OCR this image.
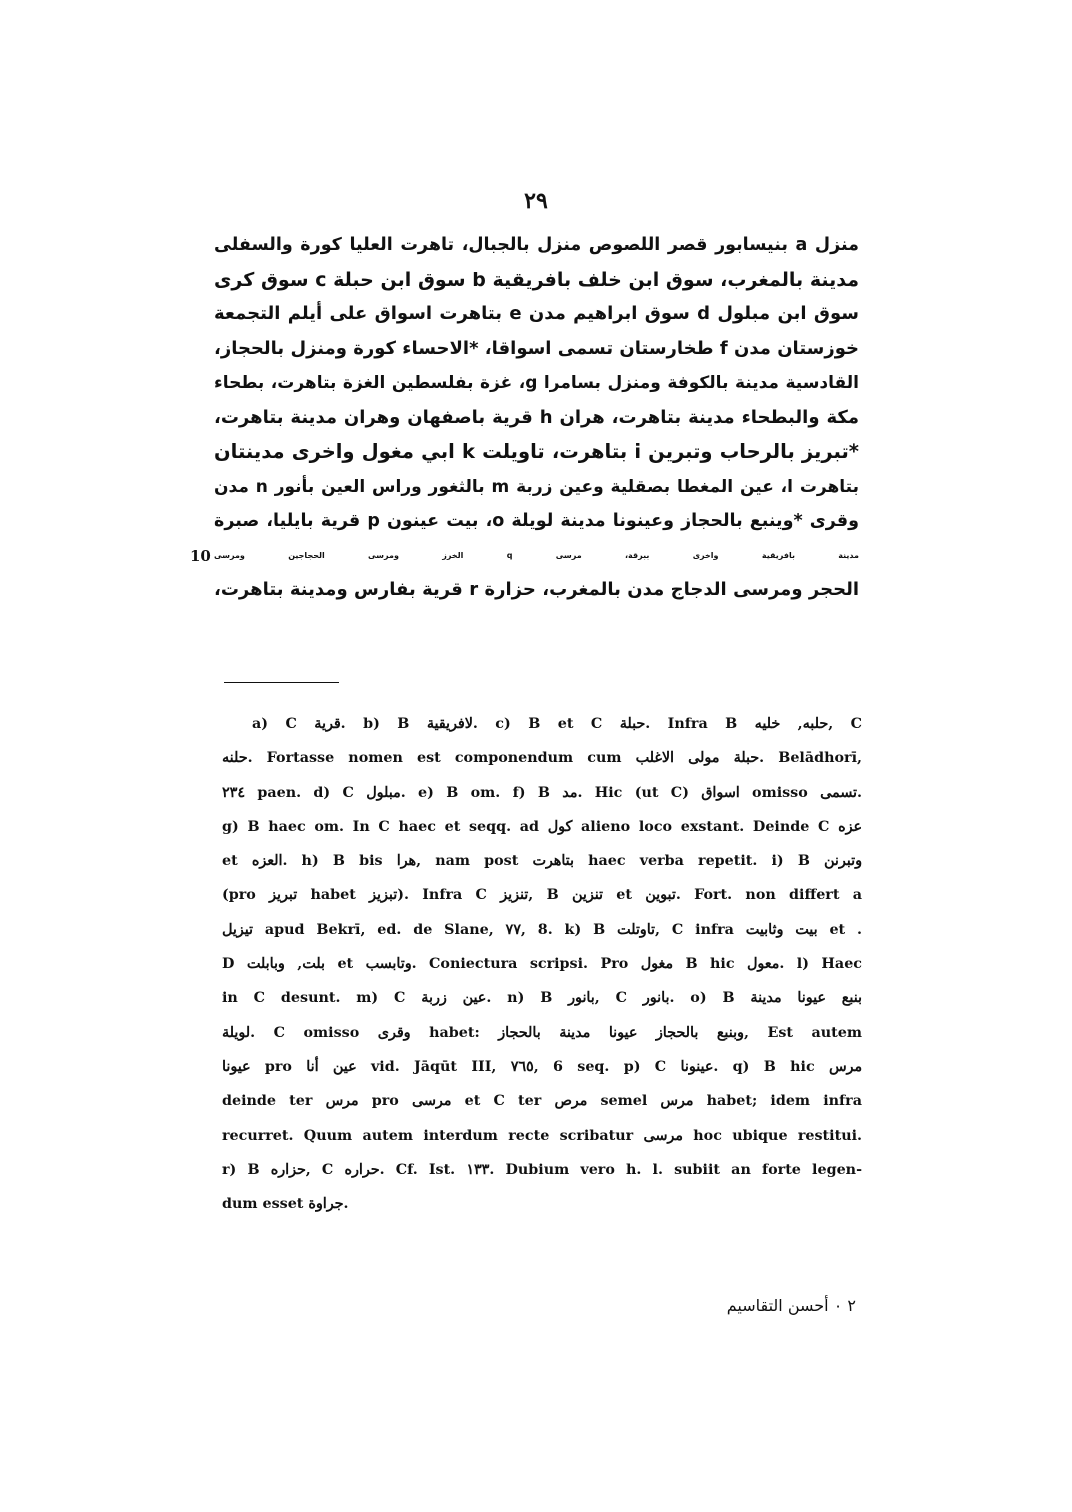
٢٩
منزل a بنيسابور قصر اللصوص منزل بالجبال، تاهرت العليا كورة والسفلى
مدينة بالمغرب، سوق ابن خلف بافريقية b سوق ابن حبلة c سوق كرى
سوق ابن مبلول d سوق ابراهيم مدن e بتاهرت اسواق على أيلم التجمعة
خوزستان مدن f طخارستان تسمى اسواقا، *الاحساء كورة ومنزل بالحجاز،
القادسية مدينة بالكوفة ومنزل بسامرا g، غزة بفلسطين الغزة بتاهرت، بطحاء
مكة والبطحاء مدينة بتاهرت، هران h قرية باصفهان وهران مدينة بتاهرت،
*تبريز بالرحاب وتبرين i بتاهرت، تاويلت k ابي مغول واخرى مدينتان
بتاهرت l، عين المغطا بصقلية وعين زربة m بالثغور وراس العين بأنور n مدن
وقرى *وينبع بالحجاز وعينونا مدينة لويلة o، بيت عينون p قرية بايليا، صبرة
10 مدينة بافريقية واخرى ببرقة، مرسى q الخرز ومرسى الحجاجين ومرسى
الحجر ومرسى الدجاج مدن بالمغرب، حزارة r قرية بفارس ومدينة بتاهرت،
a) C قرية. b) B لافريقية. c) B et C حبلة. Infra B حلبه, خليه, C
حلنه. Fortasse nomen est componendum cum حبلة مولى الاغلب. Belādhorī,
٢٣٤ paen. d) C مبلول. e) B om. f) B مد. Hic (ut C) اسواق omisso تسمى.
g) B haec om. In C haec et seqq. ad كول alieno loco exstant. Deinde C عزه
et العزه. h) B bis هرا, nam post بتاهرت haec verba repetit. i) B وتبرنن
(pro تبريز habet تبزيز). Infra C تنزيز, B تنزين et تبوين. Fort. non differt a
تيزيل apud Bekrī, ed. de Slane, ٧٧, 8. k) B تاوتلت, C infra بيت وثابيت et .
D بلت, وبابلت et وتابسب. Coniectura scripsi. Pro مغول B hic معول. l) Haec
in C desunt. m) C عين زربة. n) B بانور, C بانور. o) B بنبع عيونا مدينة
لويلة. C omisso وقرى habet: وبنبع بالحجاز عيونا مدينة بالحجاز, Est autem
عيونا pro عين أنا vid. Jāqūt III, ٧٦٥, 6 seq. p) C عينونا. q) B hic مرس
deinde ter مرس pro مرسى et C ter مرص semel مرس habet; idem infra
recurret. Quum autem interdum recte scribatur مرسى hoc ubique restitui.
r) B حزاره, C حراره. Cf. Ist. ١٣٣. Dubium vero h. l. subiit an forte legen-
dum esset جراوة.
٢ ۰ أحسن التقاسيم
